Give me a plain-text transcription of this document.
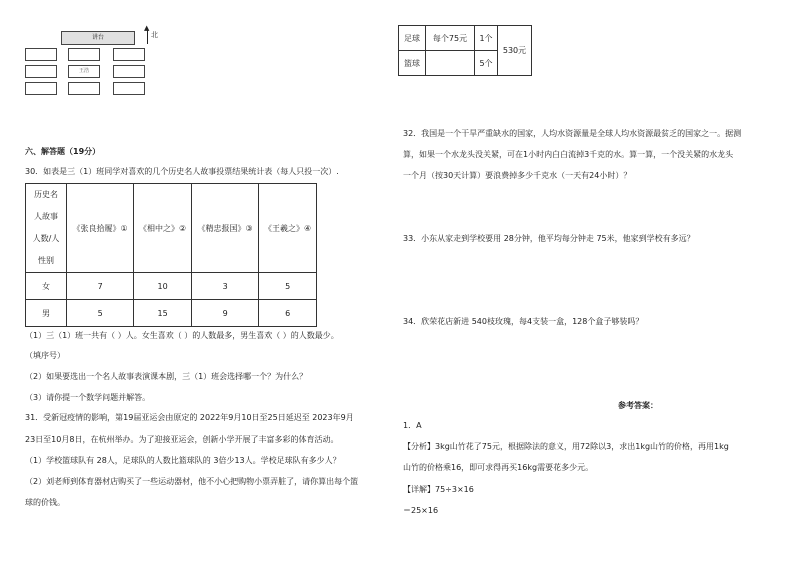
讲台
▲
北
王浩
六、解答题（19分）
30．如表是三（1）班同学对喜欢的几个历史名人故事投票结果统计表（每人只投一次）.
历史名
人故事
人数/人
性别	《张良拾履》①	《相中之》②	《精忠报国》③	《王羲之》④
女	7	10	3	5
男	5	15	9	6
（1）三（1）班一共有（ ）人。女生喜欢（ ）的人数最多，男生喜欢（ ）的人数最少。
（填序号）
（2）如果要选出一个名人故事表演课本剧，三（1）班会选择哪一个？为什么？
（3）请你提一个数学问题并解答。
31．受新冠疫情的影响，第19届亚运会由原定的 2022年9月10日至25日延迟至 2023年9月
23日至10月8日，在杭州举办。为了迎接亚运会，创新小学开展了丰富多彩的体育活动。
（1）学校篮球队有 28人，足球队的人数比篮球队的 3倍少13人。学校足球队有多少人？
（2）刘老师到体育器材店购买了一些运动器材，他不小心把购物小票弄脏了，请你算出每个篮
球的价钱。
足球	每个75元	1个	530元
篮球		5个	
32．我国是一个干旱严重缺水的国家，人均水资源量是全球人均水资源最贫乏的国家之一。据测
算，如果一个水龙头没关紧，可在1小时内白白流掉3千克的水。算一算，一个没关紧的水龙头
一个月（按30天计算）要浪费掉多少千克水（一天有24小时）？
33．小东从家走到学校要用 28分钟，他平均每分钟走 75米，他家到学校有多远？
34．欣荣花店新进 540枝玫瑰，每4支装一盒，128个盒子够装吗？
参考答案：
1．A
【分析】3kg山竹花了75元，根据除法的意义，用72除以3，求出1kg山竹的价格，再用1kg
山竹的价格乘16，即可求得再买16kg需要花多少元。
【详解】75÷3×16
＝25×16
